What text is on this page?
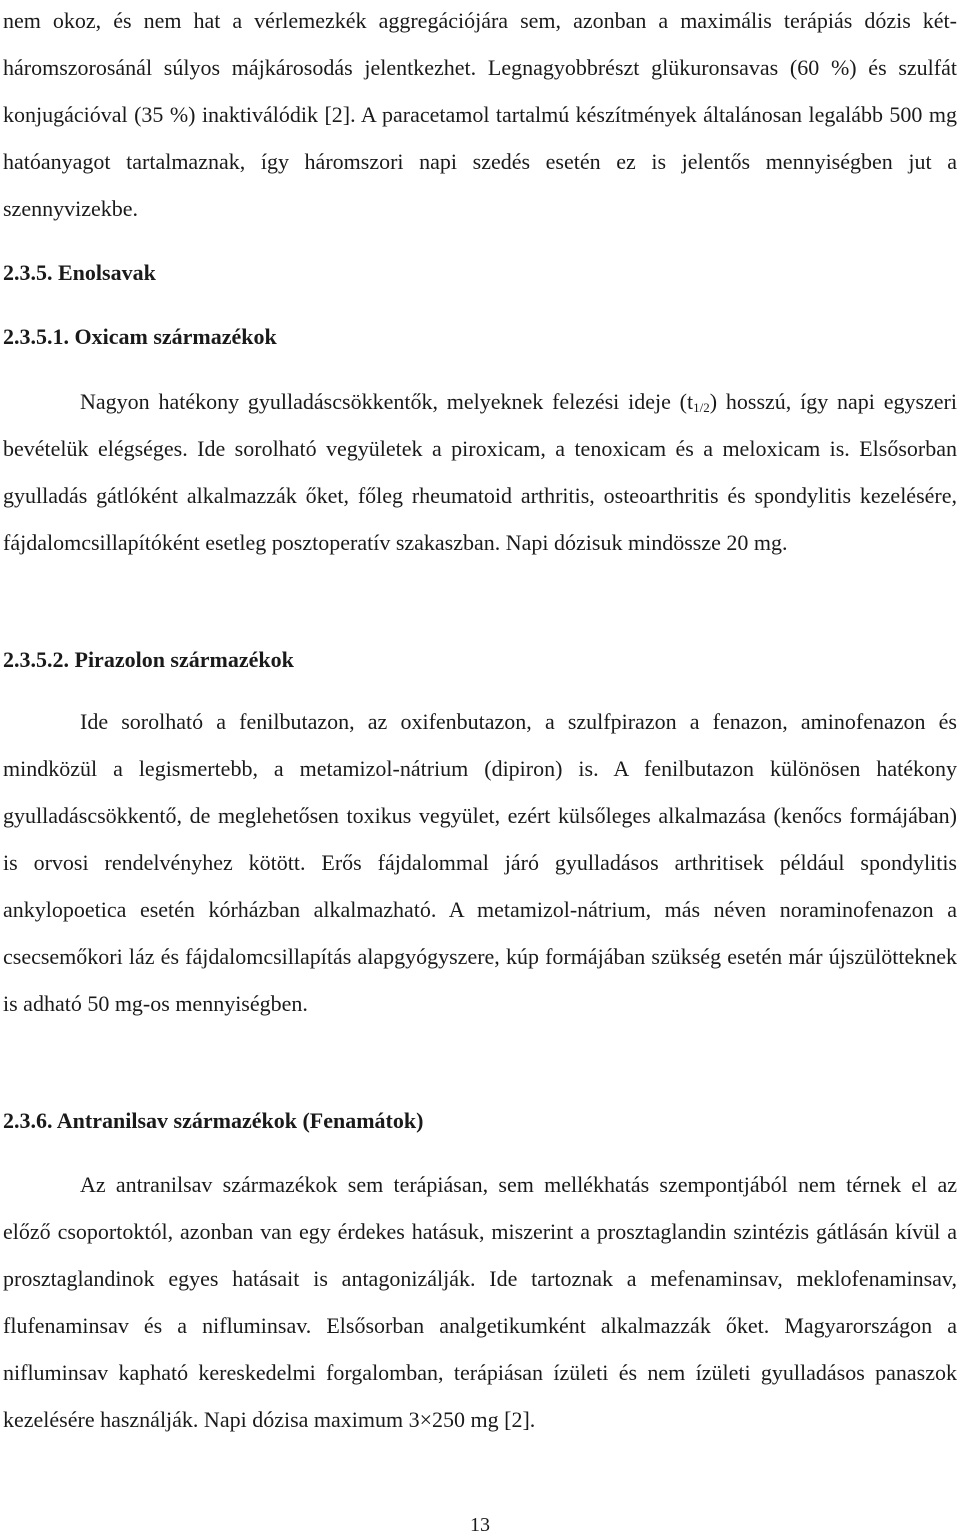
nem okoz, és nem hat a vérlemezkék aggregációjára sem, azonban a maximális terápiás dózis két-háromszorosánál súlyos májkárosodás jelentkezhet. Legnagyobbrészt glükuronsavas (60 %) és szulfát konjugációval (35 %) inaktiválódik [2]. A paracetamol tartalmú készítmények általánosan legalább 500 mg hatóanyagot tartalmaznak, így háromszori napi szedés esetén ez is jelentős mennyiségben jut a szennyvizekbe.

2.3.5. Enolsavak
2.3.5.1. Oxicam származékok

Nagyon hatékony gyulladáscsökkentők, melyeknek felezési ideje $(t_{1/2})$ hosszú, így napi egyszeri bevételük elégséges. Ide sorolható vegyületek a piroxicam, a tenoxicam és a meloxicam is. Elsősorban gyulladás gátlóként alkalmazzák őket, főleg rheumatoid arthritis, osteoarthritis és spondylitis kezelésére, fájdalomcsillapítóként esetleg posztoperatív szakaszban. Napi dózisuk mindössze 20 mg.

2.3.5.2. Pirazolon származékok

Ide sorolható a fenilbutazon, az oxifenbutazon, a szulfpirazon a fenazon, aminofenazon és mindközül a legismertebb, a metamizol-nátrium (dipiron) is. A fenilbutazon különösen hatékony gyulladáscsökkentő, de meglehetősen toxikus vegyület, ezért külsőleges alkalmazása (kenőcs formájában) is orvosi rendelvényhez kötött. Erős fájdalommal járó gyulladásos arthritisek például spondylitis ankylopoetica esetén kórházban alkalmazható. A metamizol-nátrium, más néven noraminofenazon a csecsemőkori láz és fájdalomcsillapítás alapgyógyszere, kúp formájában szükség esetén már újszülötteknek is adható 50 mg-os mennyiségben.

2.3.6. Antranilsav származékok (Fenamátok)

Az antranilsav származékok sem terápiásan, sem mellékhatás szempontjából nem térnek el az előző csoportoktól, azonban van egy érdekes hatásuk, miszerint a prosztaglandin szintézis gátlásán kívül a prosztaglandinok egyes hatásait is antagonizálják. Ide tartoznak a mefenaminsav, meklofenaminsav, flufenaminsav és a nifluminsav. Elsősorban analgetikumként alkalmazzák őket. Magyarországon a nifluminsav kapható kereskedelmi forgalomban, terápiásan ízületi és nem ízületi gyulladásos panaszok kezelésére használják. Napi dózisa maximum 3×250 mg [2].

13
